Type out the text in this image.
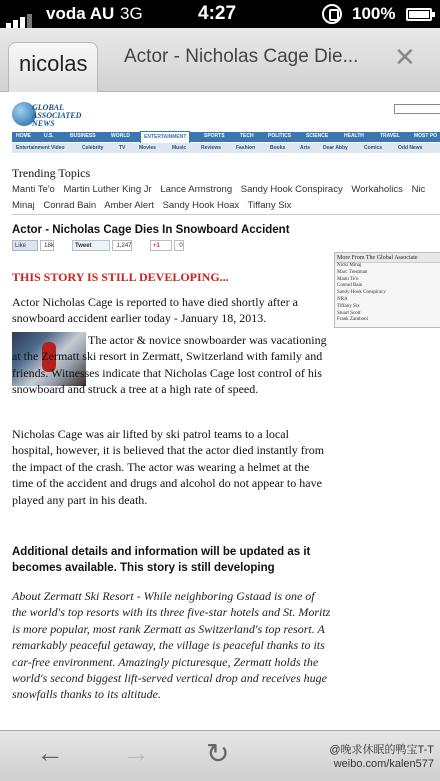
voda AU 3G	4:27	100%
nicolas Actor - Nicholas Cage Die... ✕
GLOBAL
ASSOCIATED
NEWS
HOME	U.S.	BUSINESS	WORLD	ENTERTAINMENT	SPORTS	TECH	POLITICS	SCIENCE	HEALTH	TRAVEL	MOST PO
Entertainment Video	Celebrity	TV	Movies	Music	Reviews	Fashion	Books	Arts	Dear Abby	Comics	Odd News
Trending Topics
Manti Te'o Martin Luther King Jr Lance Armstrong Sandy Hook Conspiracy Workaholics Nic
Minaj Conrad Bain Amber Alert Sandy Hook Hoax Tiffany Six
Actor - Nicholas Cage Dies In Snowboard Accident
Like	18k	Tweet	1,247	+1	0
More From The Global Associate
Nicki Minaj
Marc Trestman
Manti Te'o
Conrad Bain
Sandy Hook Conspiracy
NRA
Tiffany Six
Stuart Scott
Frank Zamboni
THIS STORY IS STILL DEVELOPING...
Actor Nicholas Cage is reported to have died shortly after a snowboard accident earlier today - January 18, 2013.
The actor & novice snowboarder was vacationing at the Zermatt ski resort in Zermatt, Switzerland with family and friends. Witnesses indicate that Nicholas Cage lost control of his snowboard and struck a tree at a high rate of speed.
Nicholas Cage was air lifted by ski patrol teams to a local hospital, however, it is believed that the actor died instantly from the impact of the crash. The actor was wearing a helmet at the time of the accident and drugs and alcohol do not appear to have played any part in his death.
Additional details and information will be updated as it becomes available. This story is still developing
About Zermatt Ski Resort - While neighboring Gstaad is one of the world's top resorts with its three five-star hotels and St. Moritz is more popular, most rank Zermatt as Switzerland's top resort. A remarkably peaceful getaway, the village is peaceful thanks to its car-free environment. Amazingly picturesque, Zermatt holds the world's second biggest lift-served vertical drop and receives huge snowfalls thanks to its altitude.
← → ↻	@晚求休眠的鸭宝T-T
weibo.com/kalen577
